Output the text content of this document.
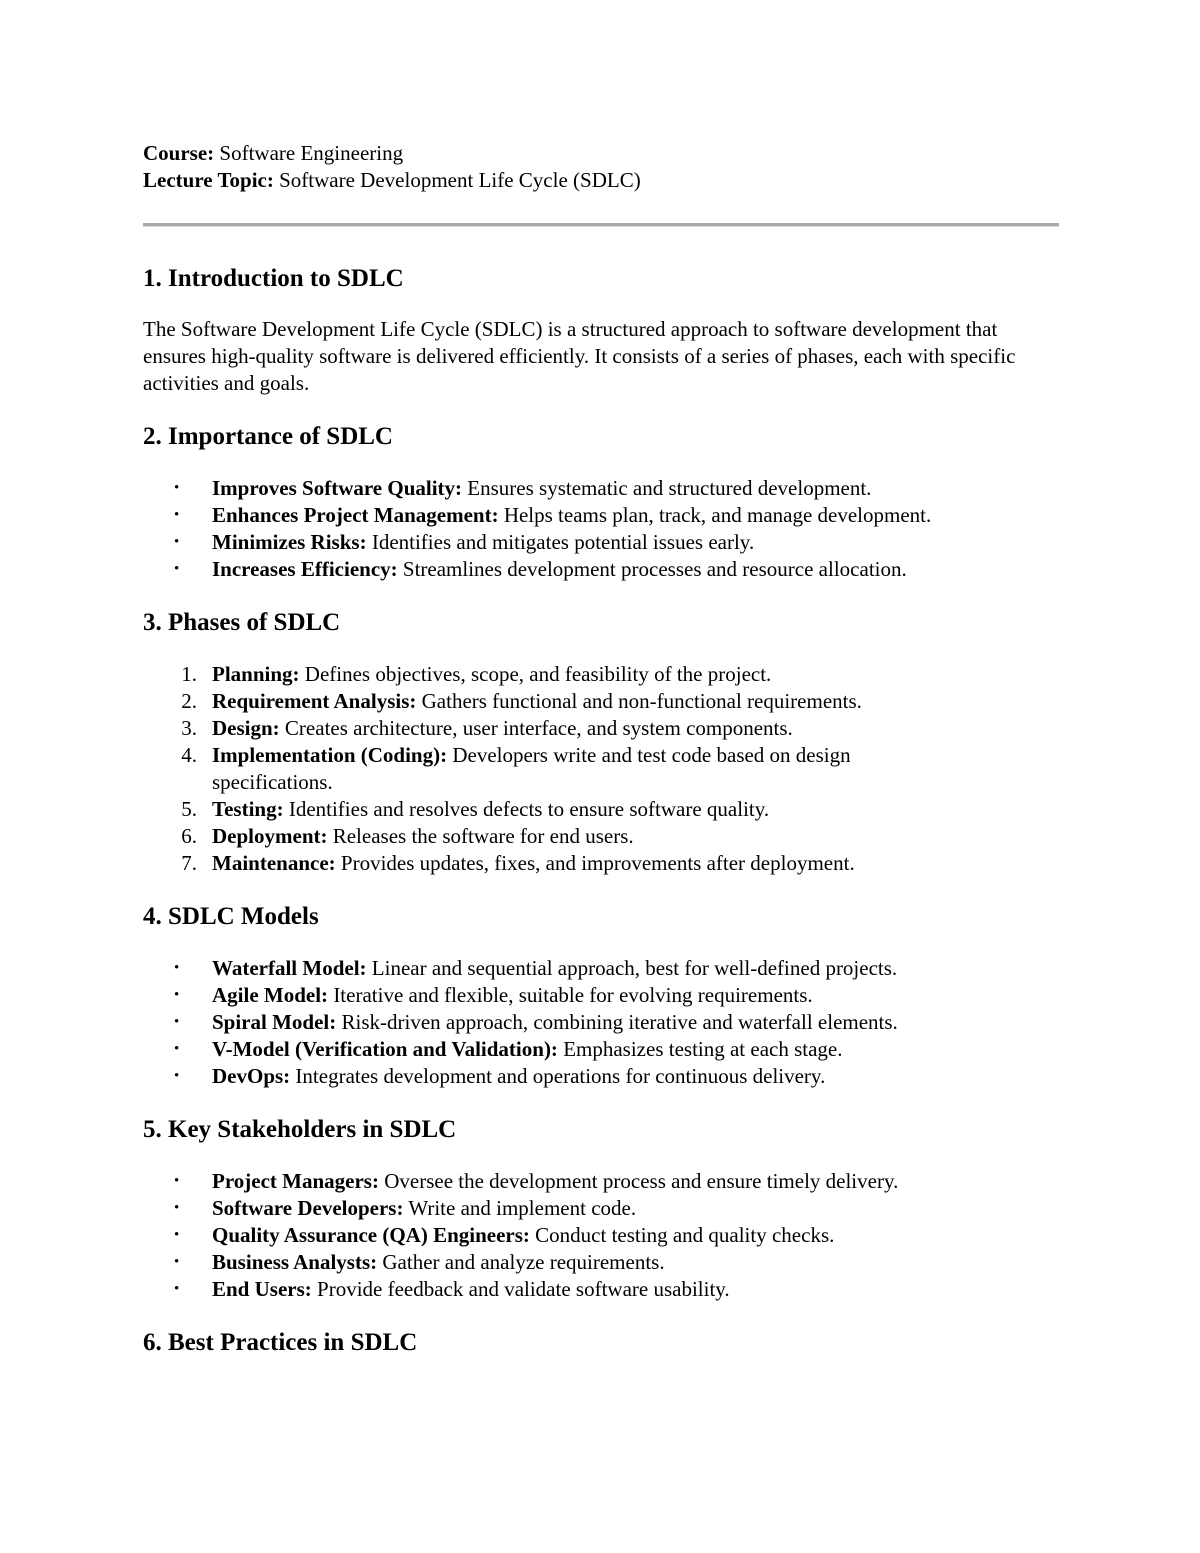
Course: Software Engineering

Lecture Topic: Software Development Life Cycle (SDLC)

1. Introduction to SDLC

The Software Development Life Cycle (SDLC) is a structured approach to software development that ensures high-quality software is delivered efficiently. It consists of a series of phases, each with specific activities and goals.

2. Importance of SDLC
•	Improves Software Quality: Ensures systematic and structured development.
•	Enhances Project Management: Helps teams plan, track, and manage development.
•	Minimizes Risks: Identifies and mitigates potential issues early.
•	Increases Efficiency: Streamlines development processes and resource allocation.
3. Phases of SDLC
1. Planning: Defines objectives, scope, and feasibility of the project.
2. Requirement Analysis: Gathers functional and non-functional requirements.
3. Design: Creates architecture, user interface, and system components.
4. Implementation (Coding): Developers write and test code based on design specifications.
5. Testing: Identifies and resolves defects to ensure software quality.
6. Deployment: Releases the software for end users.
7. Maintenance: Provides updates, fixes, and improvements after deployment.
4. SDLC Models
•	Waterfall Model: Linear and sequential approach, best for well-defined projects.
•	Agile Model: Iterative and flexible, suitable for evolving requirements.
•	Spiral Model: Risk-driven approach, combining iterative and waterfall elements.
•	V-Model (Verification and Validation): Emphasizes testing at each stage.
•	DevOps: Integrates development and operations for continuous delivery.
5. Key Stakeholders in SDLC
•	Project Managers: Oversee the development process and ensure timely delivery.
•	Software Developers: Write and implement code.
•	Quality Assurance (QA) Engineers: Conduct testing and quality checks.
•	Business Analysts: Gather and analyze requirements.
•	End Users: Provide feedback and validate software usability.
6. Best Practices in SDLC
